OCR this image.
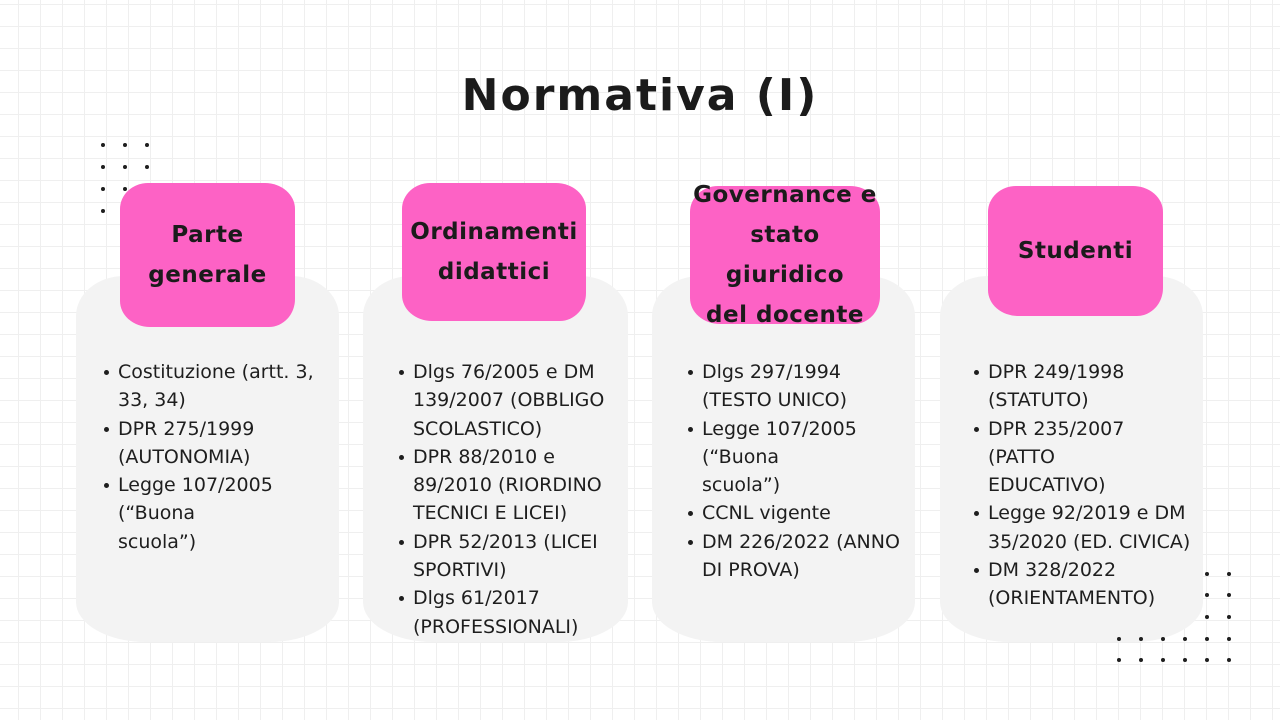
Normativa (I)
Costituzione (artt. 3, 33, 34)
DPR 275/1999 (AUTONOMIA)
Legge 107/2005 (“Buona scuola”)
Parte
generale
Dlgs 76/2005 e DM 139/2007 (OBBLIGO SCOLASTICO)
DPR 88/2010 e 89/2010 (RIORDINO TECNICI E LICEI)
DPR 52/2013 (LICEI SPORTIVI)
Dlgs 61/2017 (PROFESSIONALI)
Ordinamenti
didattici
Dlgs 297/1994 (TESTO UNICO)
Legge 107/2005 (“Buona scuola”)
CCNL vigente
DM 226/2022 (ANNO DI PROVA)
Governance e
stato giuridico
del docente
DPR 249/1998 (STATUTO)
DPR 235/2007 (PATTO EDUCATIVO)
Legge 92/2019 e DM 35/2020 (ED. CIVICA)
DM 328/2022 (ORIENTAMENTO)
Studenti
